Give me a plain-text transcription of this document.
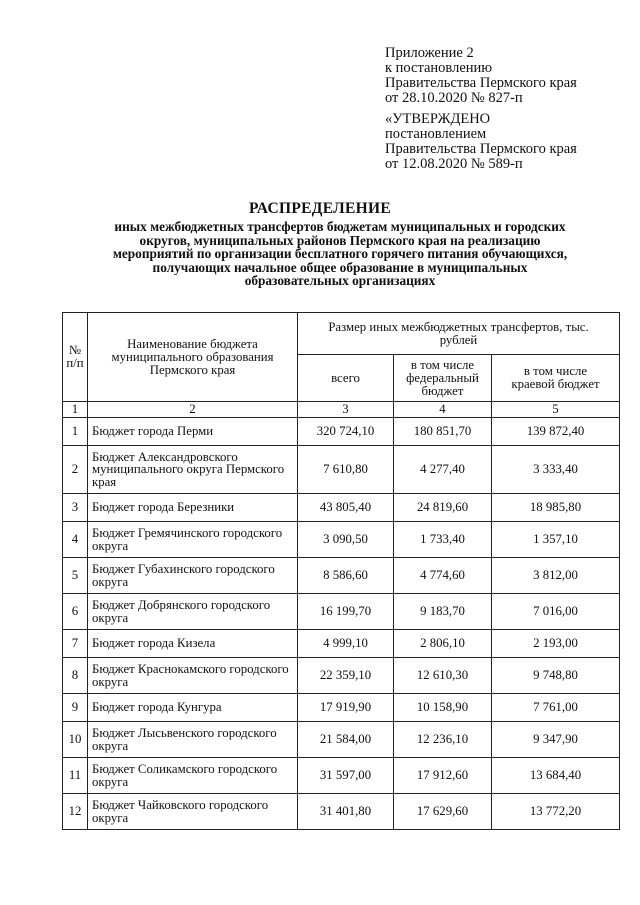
Приложение 2
к постановлению
Правительства Пермского края
от 28.10.2020 № 827-п
«УТВЕРЖДЕНО
постановлением
Правительства Пермского края
от 12.08.2020 № 589-п
РАСПРЕДЕЛЕНИЕ
иных межбюджетных трансфертов бюджетам муниципальных и городских
округов, муниципальных районов Пермского края на реализацию
мероприятий по организации бесплатного горячего питания обучающихся,
получающих начальное общее образование в муниципальных
образовательных организациях
№ п/п	Наименование бюджета муниципального образования Пермского края	Размер иных межбюджетных трансфертов, тыс. рублей		
		всего	в том числе федеральный бюджет	в том числе краевой бюджет
1	2	3	4	5
1	Бюджет города Перми	320 724,10	180 851,70	139 872,40
2	Бюджет Александровского муниципального округа Пермского края	7 610,80	4 277,40	3 333,40
3	Бюджет города Березники	43 805,40	24 819,60	18 985,80
4	Бюджет Гремячинского городского округа	3 090,50	1 733,40	1 357,10
5	Бюджет Губахинского городского округа	8 586,60	4 774,60	3 812,00
6	Бюджет Добрянского городского округа	16 199,70	9 183,70	7 016,00
7	Бюджет города Кизела	4 999,10	2 806,10	2 193,00
8	Бюджет Краснокамского городского округа	22 359,10	12 610,30	9 748,80
9	Бюджет города Кунгура	17 919,90	10 158,90	7 761,00
10	Бюджет Лысьвенского городского округа	21 584,00	12 236,10	9 347,90
11	Бюджет Соликамского городского округа	31 597,00	17 912,60	13 684,40
12	Бюджет Чайковского городского округа	31 401,80	17 629,60	13 772,20
